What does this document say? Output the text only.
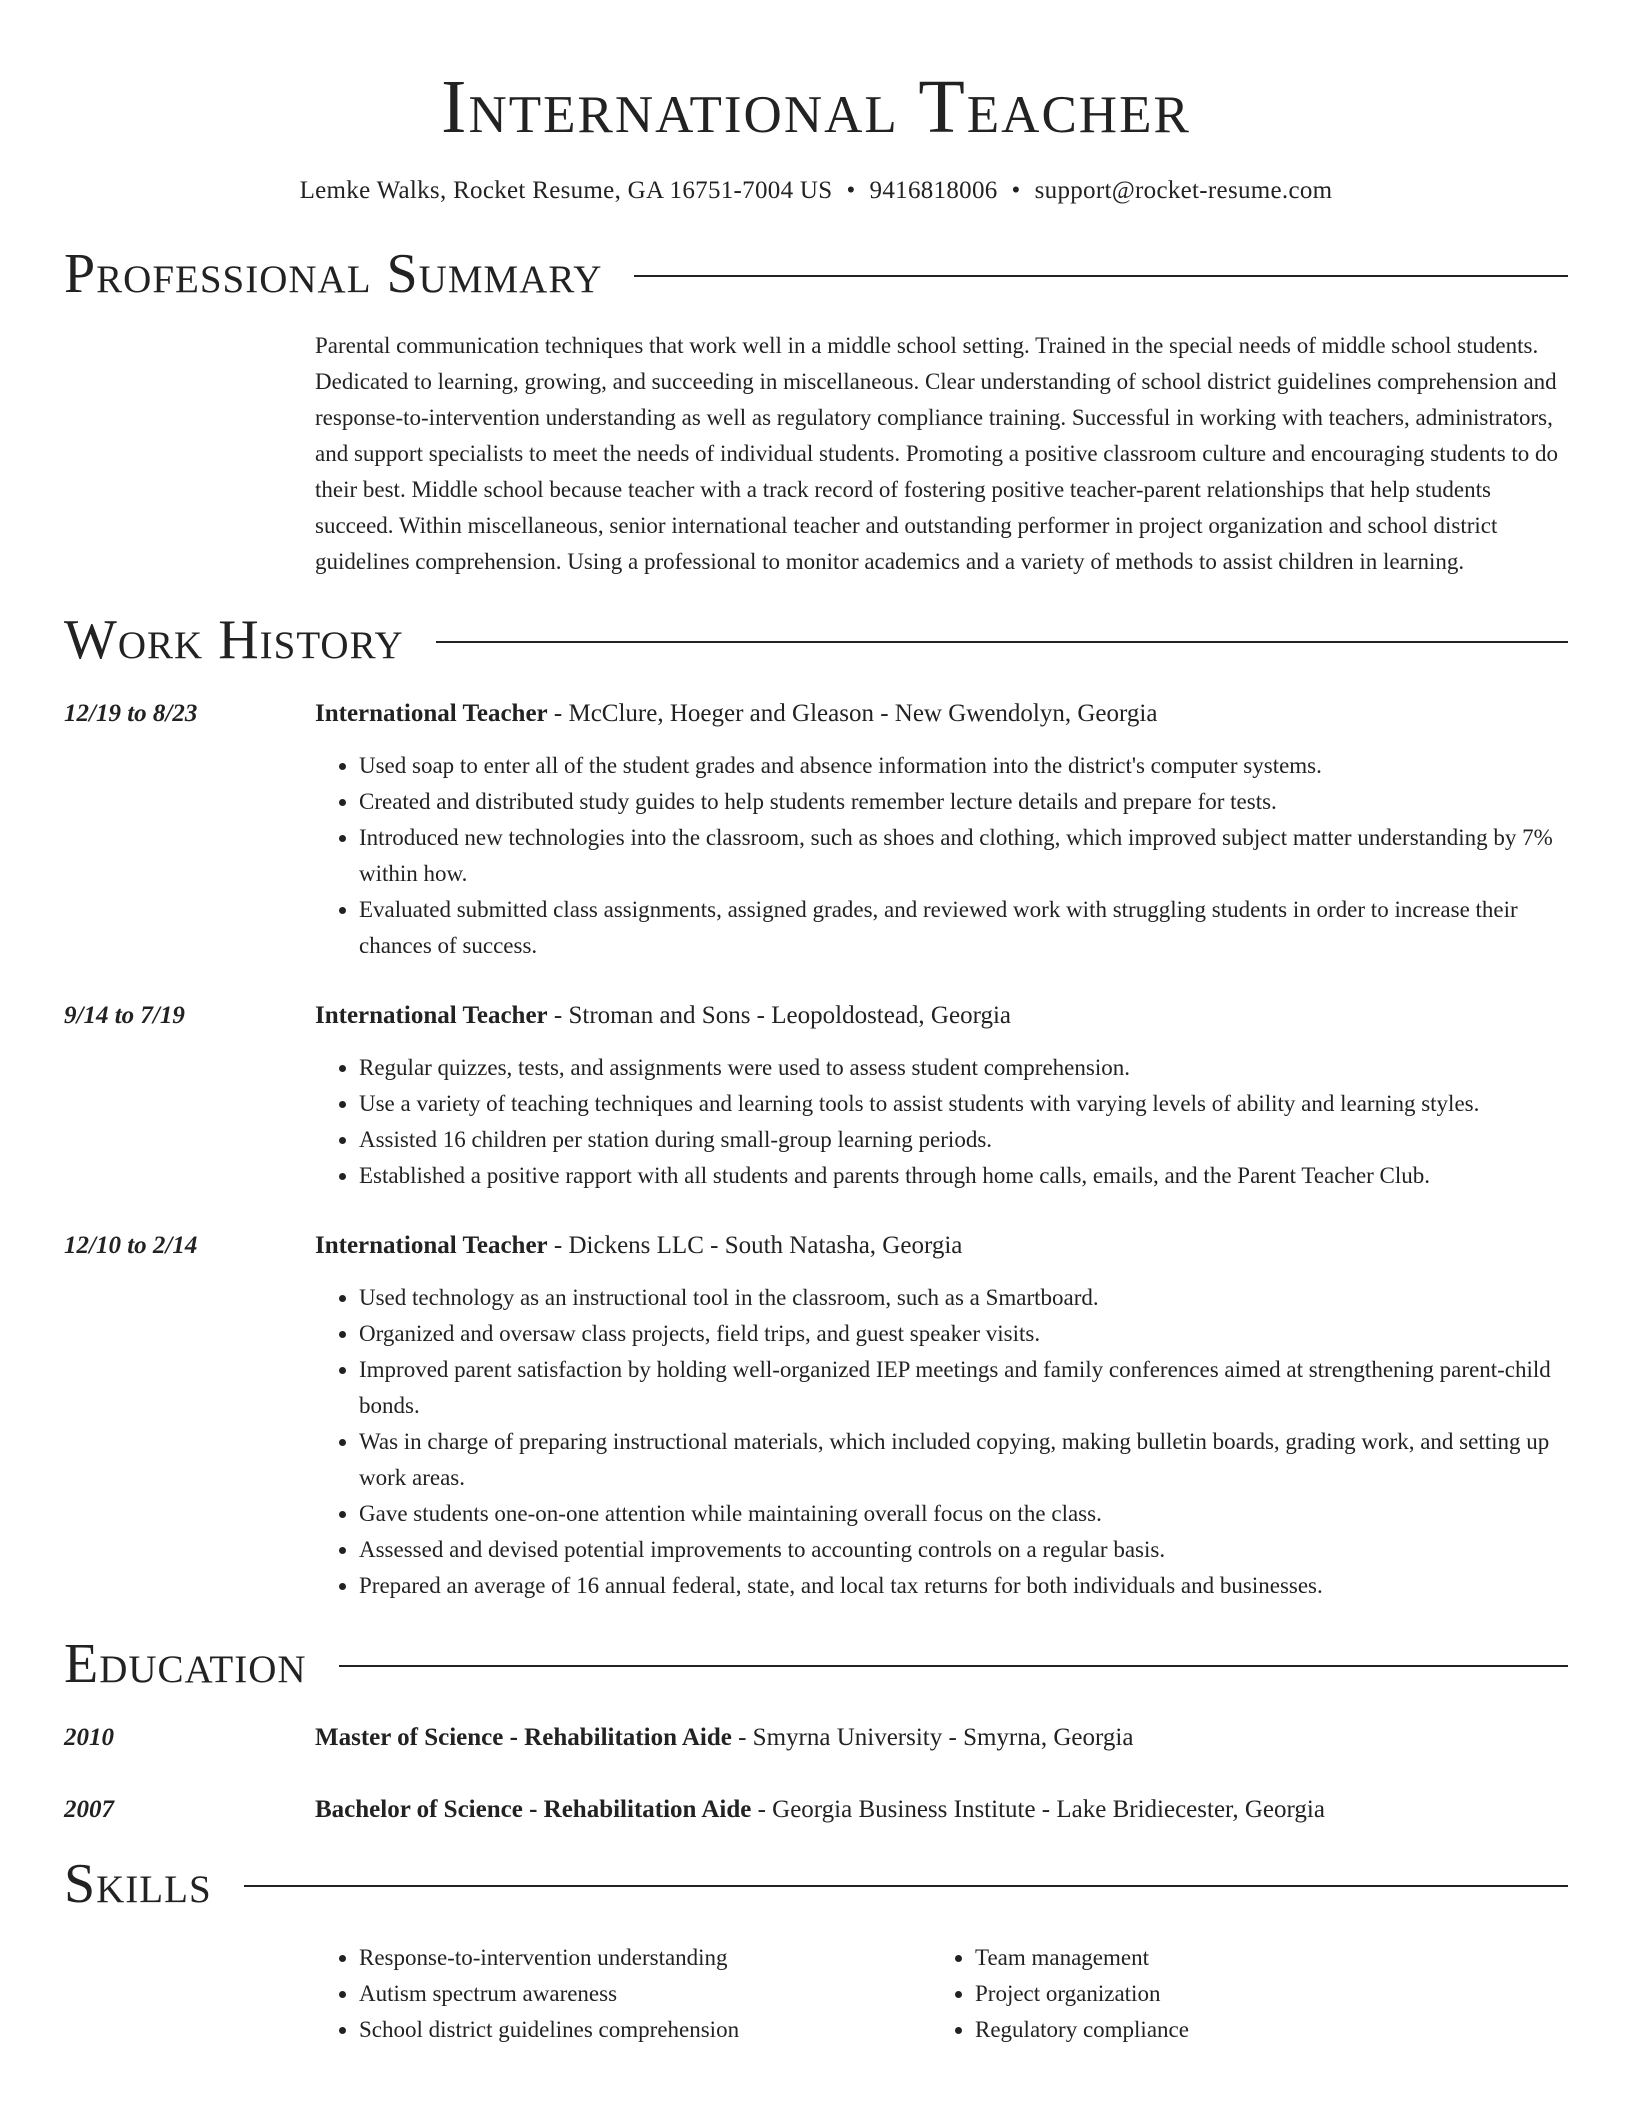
International Teacher
Lemke Walks, Rocket Resume, GA 16751-7004 US • 9416818006 • support@rocket-resume.com
Professional Summary

Parental communication techniques that work well in a middle school setting. Trained in the special needs of middle school students. Dedicated to learning, growing, and succeeding in miscellaneous. Clear understanding of school district guidelines comprehension and response-to-intervention understanding as well as regulatory compliance training. Successful in working with teachers, administrators, and support specialists to meet the needs of individual students. Promoting a positive classroom culture and encouraging students to do their best. Middle school because teacher with a track record of fostering positive teacher-parent relationships that help students succeed. Within miscellaneous, senior international teacher and outstanding performer in project organization and school district guidelines comprehension. Using a professional to monitor academics and a variety of methods to assist children in learning.

Work History
12/19 to 8/23	International Teacher - McClure, Hoeger and Gleason - New Gwendolyn, Georgia
• Used soap to enter all of the student grades and absence information into the district's computer systems.
• Created and distributed study guides to help students remember lecture details and prepare for tests.
• Introduced new technologies into the classroom, such as shoes and clothing, which improved subject matter understanding by 7% within how.
• Evaluated submitted class assignments, assigned grades, and reviewed work with struggling students in order to increase their chances of success.
9/14 to 7/19	International Teacher - Stroman and Sons - Leopoldostead, Georgia
• Regular quizzes, tests, and assignments were used to assess student comprehension.
• Use a variety of teaching techniques and learning tools to assist students with varying levels of ability and learning styles.
• Assisted 16 children per station during small-group learning periods.
• Established a positive rapport with all students and parents through home calls, emails, and the Parent Teacher Club.
12/10 to 2/14	International Teacher - Dickens LLC - South Natasha, Georgia
• Used technology as an instructional tool in the classroom, such as a Smartboard.
• Organized and oversaw class projects, field trips, and guest speaker visits.
• Improved parent satisfaction by holding well-organized IEP meetings and family conferences aimed at strengthening parent-child bonds.
• Was in charge of preparing instructional materials, which included copying, making bulletin boards, grading work, and setting up work areas.
• Gave students one-on-one attention while maintaining overall focus on the class.
• Assessed and devised potential improvements to accounting controls on a regular basis.
• Prepared an average of 16 annual federal, state, and local tax returns for both individuals and businesses.
Education
2010	Master of Science - Rehabilitation Aide - Smyrna University - Smyrna, Georgia
2007	Bachelor of Science - Rehabilitation Aide - Georgia Business Institute - Lake Bridiecester, Georgia
Skills
• Response-to-intervention understanding
• Autism spectrum awareness
• School district guidelines comprehension
• Team management
• Project organization
• Regulatory compliance
